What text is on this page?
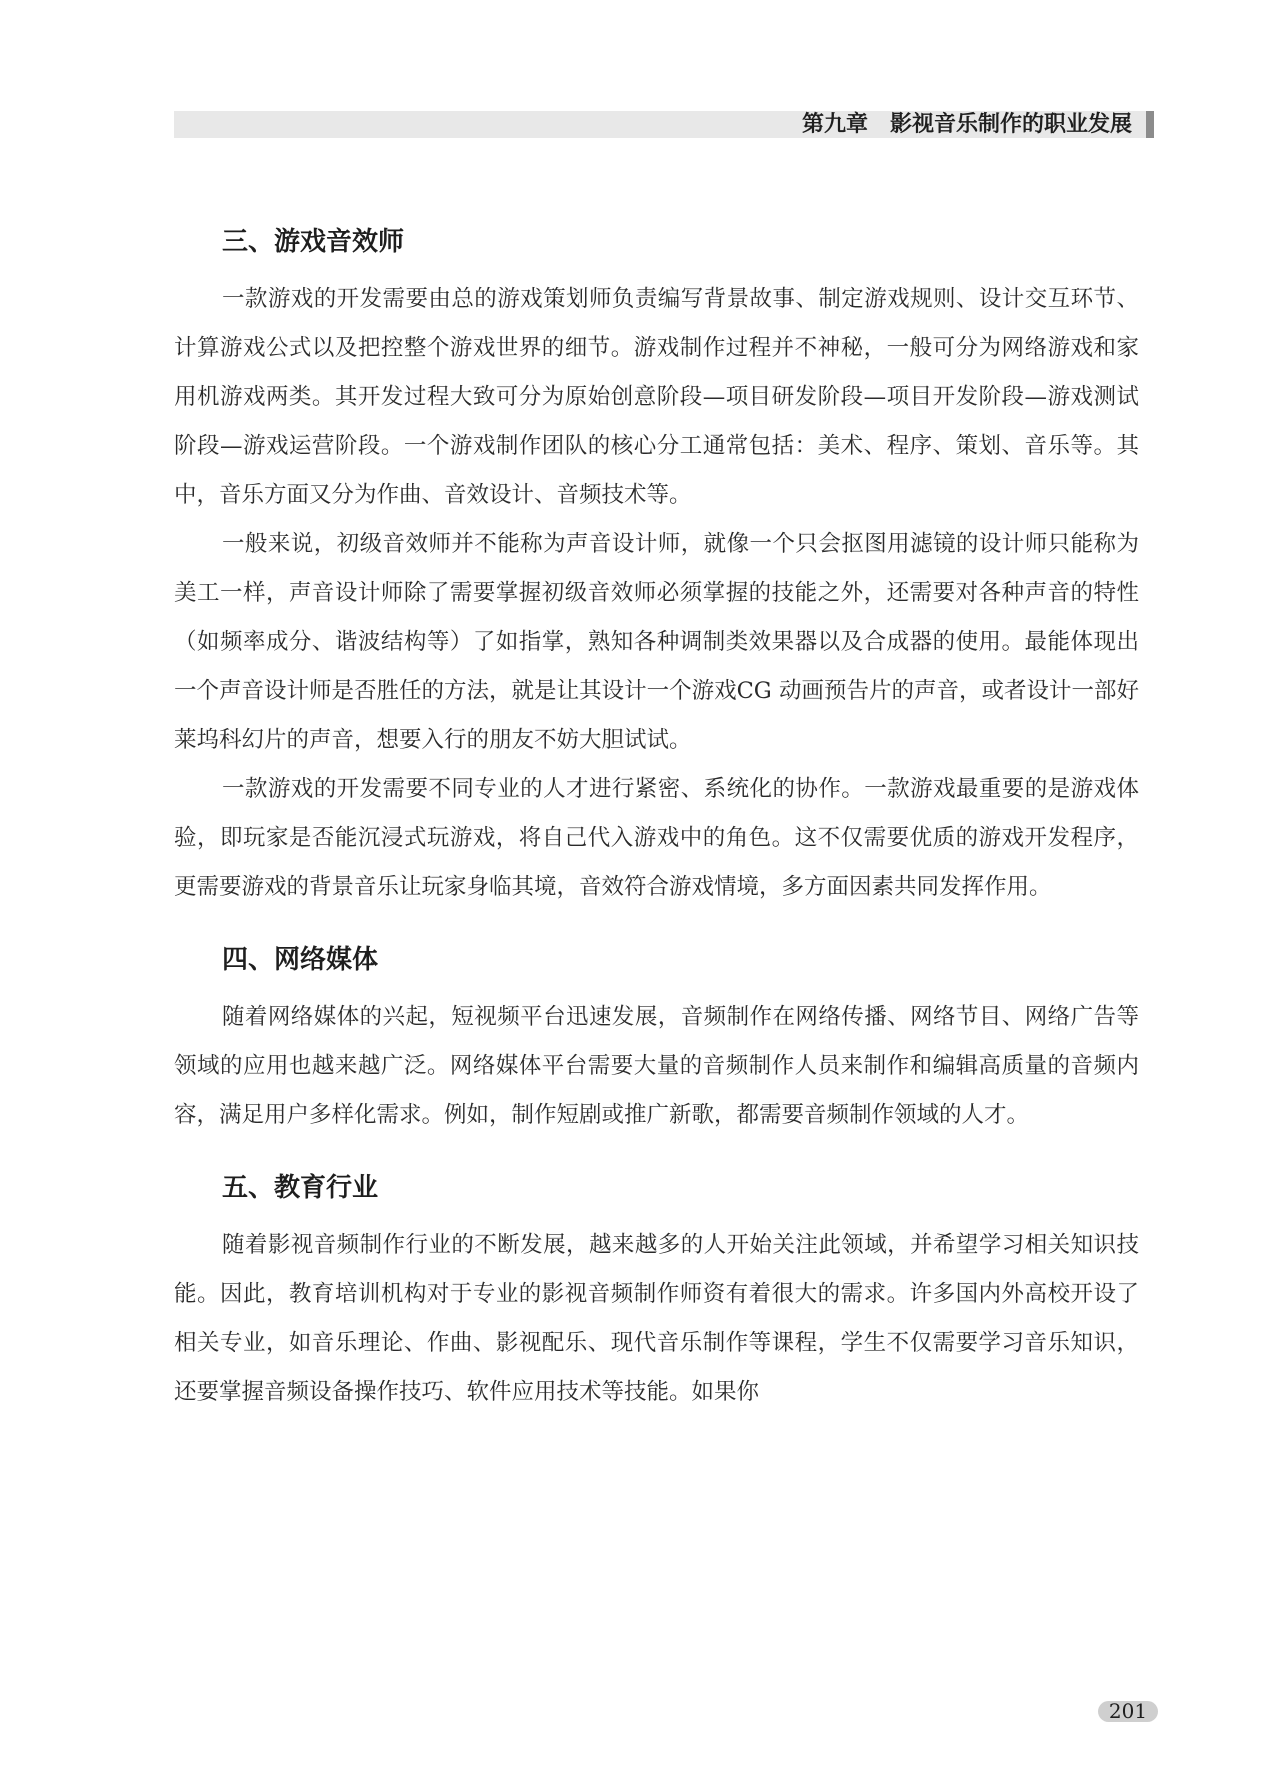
第九章　影视音乐制作的职业发展
三、游戏音效师

一款游戏的开发需要由总的游戏策划师负责编写背景故事、制定游戏规则、设计交互环节、计算游戏公式以及把控整个游戏世界的细节。游戏制作过程并不神秘，一般可分为网络游戏和家用机游戏两类。其开发过程大致可分为原始创意阶段—项目研发阶段—项目开发阶段—游戏测试阶段—游戏运营阶段。一个游戏制作团队的核心分工通常包括：美术、程序、策划、音乐等。其中，音乐方面又分为作曲、音效设计、音频技术等。

一般来说，初级音效师并不能称为声音设计师，就像一个只会抠图用滤镜的设计师只能称为美工一样，声音设计师除了需要掌握初级音效师必须掌握的技能之外，还需要对各种声音的特性（如频率成分、谐波结构等）了如指掌，熟知各种调制类效果器以及合成器的使用。最能体现出一个声音设计师是否胜任的方法，就是让其设计一个游戏CG 动画预告片的声音，或者设计一部好莱坞科幻片的声音，想要入行的朋友不妨大胆试试。

一款游戏的开发需要不同专业的人才进行紧密、系统化的协作。一款游戏最重要的是游戏体验，即玩家是否能沉浸式玩游戏，将自己代入游戏中的角色。这不仅需要优质的游戏开发程序，更需要游戏的背景音乐让玩家身临其境，音效符合游戏情境，多方面因素共同发挥作用。

四、网络媒体

随着网络媒体的兴起，短视频平台迅速发展，音频制作在网络传播、网络节目、网络广告等领域的应用也越来越广泛。网络媒体平台需要大量的音频制作人员来制作和编辑高质量的音频内容，满足用户多样化需求。例如，制作短剧或推广新歌，都需要音频制作领域的人才。

五、教育行业

随着影视音频制作行业的不断发展，越来越多的人开始关注此领域，并希望学习相关知识技能。因此，教育培训机构对于专业的影视音频制作师资有着很大的需求。许多国内外高校开设了相关专业，如音乐理论、作曲、影视配乐、现代音乐制作等课程，学生不仅需要学习音乐知识，还要掌握音频设备操作技巧、软件应用技术等技能。如果你

201
